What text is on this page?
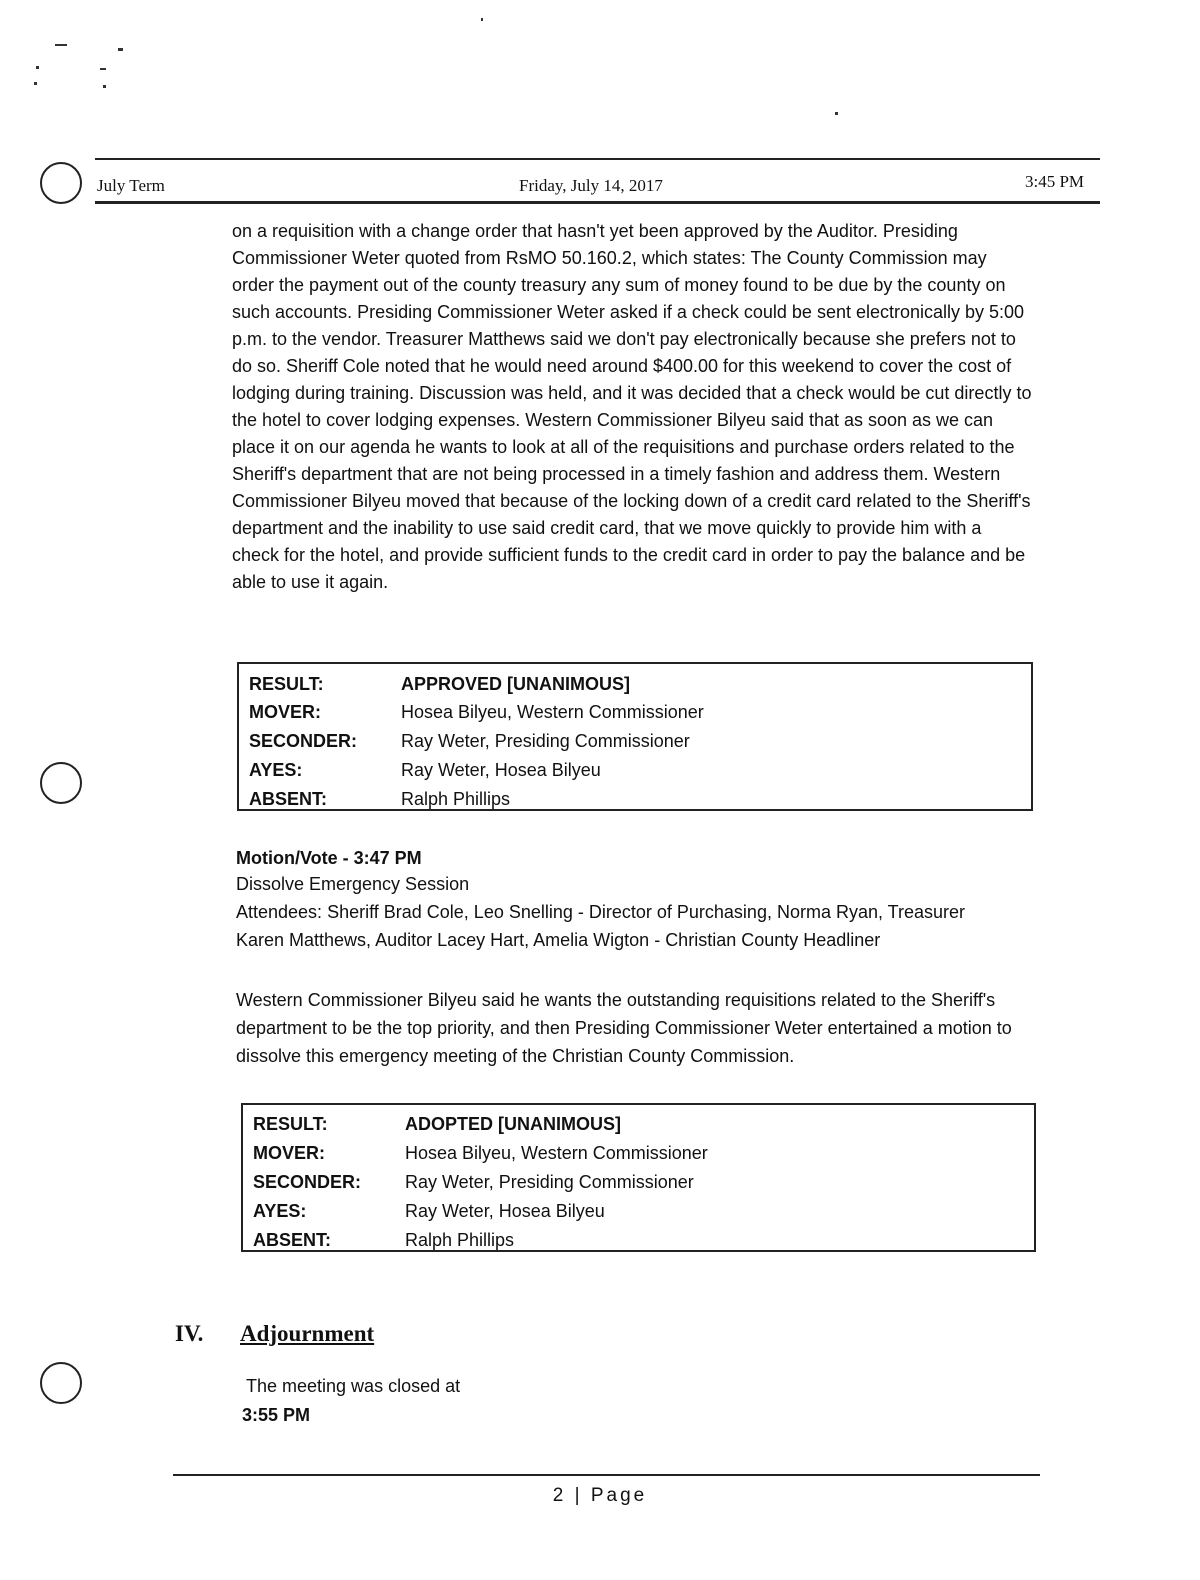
July Term	Friday, July 14, 2017	3:45 PM

on a requisition with a change order that hasn't yet been approved by the Auditor. Presiding Commissioner Weter quoted from RsMO 50.160.2, which states: The County Commission may order the payment out of the county treasury any sum of money found to be due by the county on such accounts. Presiding Commissioner Weter asked if a check could be sent electronically by 5:00 p.m. to the vendor. Treasurer Matthews said we don't pay electronically because she prefers not to do so. Sheriff Cole noted that he would need around $400.00 for this weekend to cover the cost of lodging during training. Discussion was held, and it was decided that a check would be cut directly to the hotel to cover lodging expenses. Western Commissioner Bilyeu said that as soon as we can place it on our agenda he wants to look at all of the requisitions and purchase orders related to the Sheriff's department that are not being processed in a timely fashion and address them. Western Commissioner Bilyeu moved that because of the locking down of a credit card related to the Sheriff's department and the inability to use said credit card, that we move quickly to provide him with a check for the hotel, and provide sufficient funds to the credit card in order to pay the balance and be able to use it again.

RESULT:	APPROVED [UNANIMOUS]
MOVER:	Hosea Bilyeu, Western Commissioner
SECONDER: Ray Weter, Presiding Commissioner
AYES:	Ray Weter, Hosea Bilyeu
ABSENT:	Ralph Phillips
Motion/Vote - 3:47 PM
Dissolve Emergency Session

Attendees: Sheriff Brad Cole, Leo Snelling - Director of Purchasing, Norma Ryan, Treasurer Karen Matthews, Auditor Lacey Hart, Amelia Wigton - Christian County Headliner

Western Commissioner Bilyeu said he wants the outstanding requisitions related to the Sheriff's department to be the top priority, and then Presiding Commissioner Weter entertained a motion to dissolve this emergency meeting of the Christian County Commission.

RESULT:	ADOPTED [UNANIMOUS]
MOVER:	Hosea Bilyeu, Western Commissioner
SECONDER: Ray Weter, Presiding Commissioner
AYES:	Ray Weter, Hosea Bilyeu
ABSENT:	Ralph Phillips
IV. Adjournment
The meeting was closed at
3:55 PM
2 | Page
